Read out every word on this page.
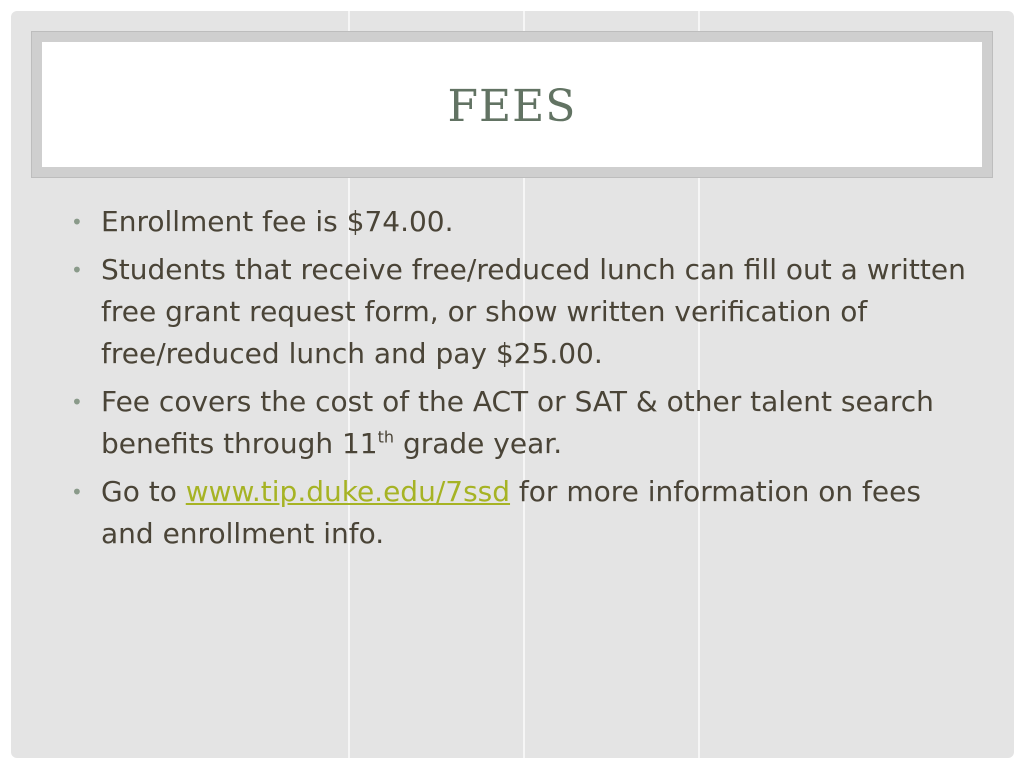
FEES
• Enrollment fee is $74.00.
• Students that receive free/reduced lunch can fill out a written free grant request form, or show written verification of free/reduced lunch and pay $25.00.
• Fee covers the cost of the ACT or SAT & other talent search benefits through 11th grade year.
• Go to www.tip.duke.edu/7ssd for more information on fees and enrollment info.
